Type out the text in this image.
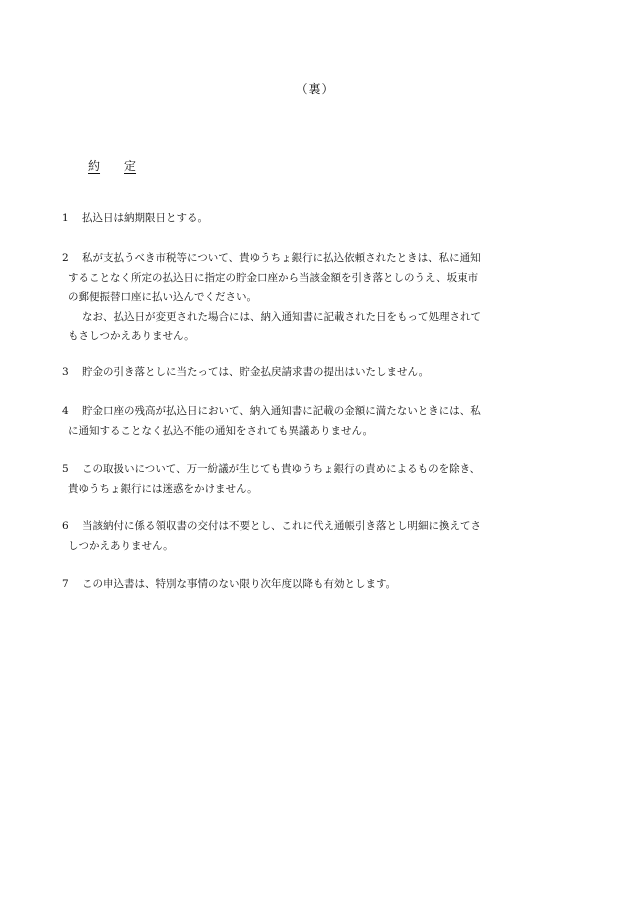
（裏）
約 定
1 払込日は納期限日とする。
2 私が支払うべき市税等について、貴ゆうちょ銀行に払込依頼されたときは、私に通知
することなく所定の払込日に指定の貯金口座から当該金額を引き落としのうえ、坂東市
の郵便振替口座に払い込んでください。
なお、払込日が変更された場合には、納入通知書に記載された日をもって処理されて
もさしつかえありません。
3 貯金の引き落としに当たっては、貯金払戻請求書の提出はいたしません。
4 貯金口座の残高が払込日において、納入通知書に記載の金額に満たないときには、私
に通知することなく払込不能の通知をされても異議ありません。
5 この取扱いについて、万一紛議が生じても貴ゆうちょ銀行の責めによるものを除き、
貴ゆうちょ銀行には迷惑をかけません。
6 当該納付に係る領収書の交付は不要とし、これに代え通帳引き落とし明細に換えてさ
しつかえありません。
7 この申込書は、特別な事情のない限り次年度以降も有効とします。
